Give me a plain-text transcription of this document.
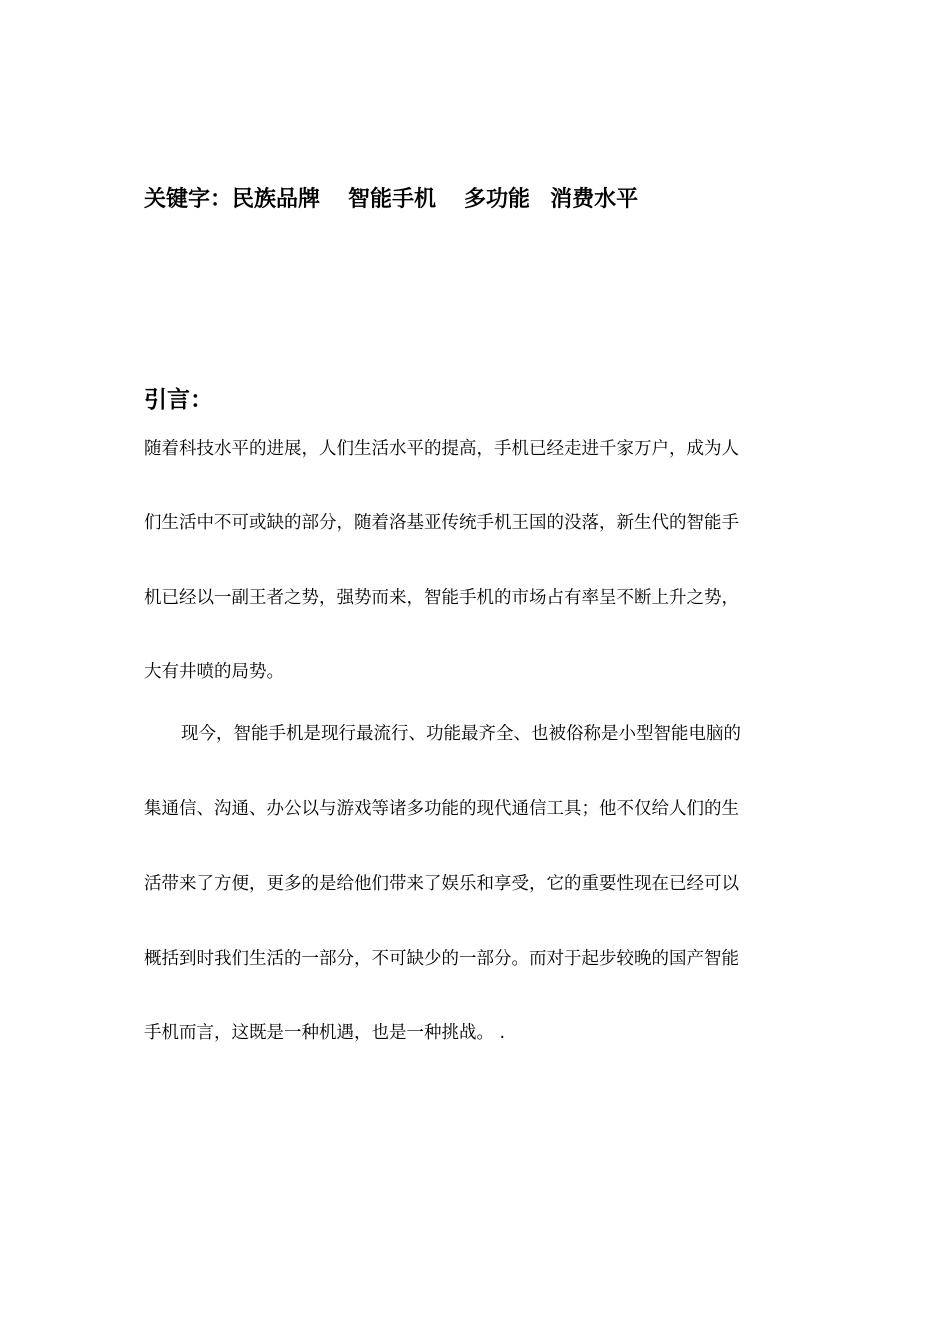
关键字：民族品牌 智能手机 多功能 消费水平
引言：
随着科技水平的进展，人们生活水平的提高，手机已经走进千家万户，成为人
们生活中不可或缺的部分，随着洛基亚传统手机王国的没落，新生代的智能手
机已经以一副王者之势，强势而来，智能手机的市场占有率呈不断上升之势，
大有井喷的局势。
现今，智能手机是现行最流行、功能最齐全、也被俗称是小型智能电脑的
集通信、沟通、办公以与游戏等诸多功能的现代通信工具；他不仅给人们的生
活带来了方便，更多的是给他们带来了娱乐和享受，它的重要性现在已经可以
概括到时我们生活的一部分，不可缺少的一部分。而对于起步较晚的国产智能
手机而言，这既是一种机遇，也是一种挑战。 .
